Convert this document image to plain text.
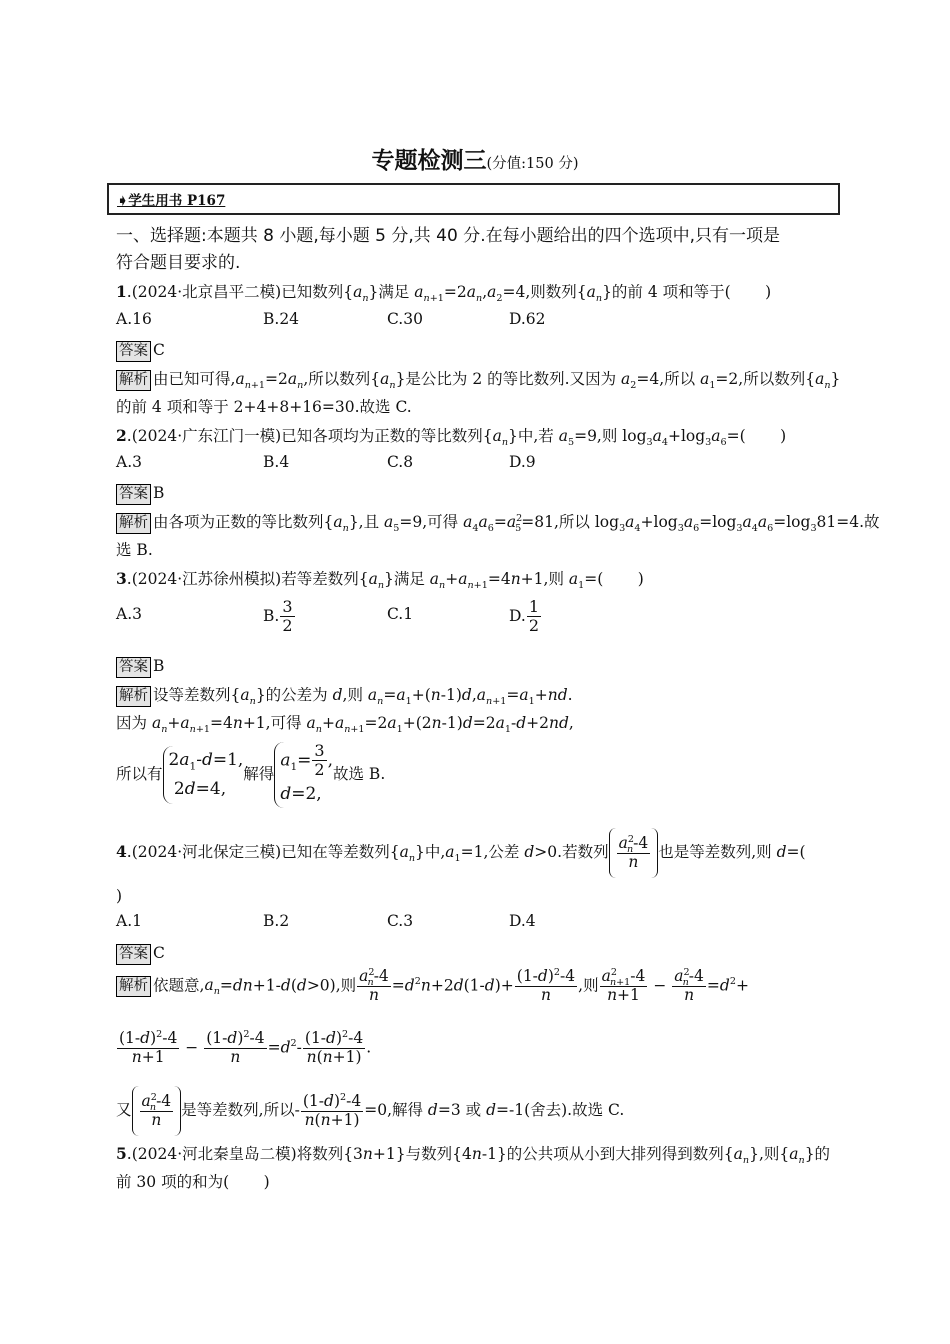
专题检测三(分值:150 分)
➧学生用书 P167
一、选择题:本题共 8 小题,每小题 5 分,共 40 分.在每小题给出的四个选项中,只有一项是
符合题目要求的.
1.(2024·北京昌平二模)已知数列$\{a_n\}$满足 $a_{n+1}=2a_n,a_2=4$,则数列$\{a_n\}$的前 4 项和等于(       )
A.16	B.24	C.30	D.62
答案 C
解析 由已知可得$,a_{n+1}=2a_n$,所以数列$\{a_n\}$是公比为 2 的等比数列.又因为 $a_2=4$,所以 $a_1=2$,所以数列$\{a_n\}$
的前 4 项和等于 2+4+8+16=30.故选 C.
2.(2024·广东江门一模)已知各项均为正数的等比数列$\{a_n\}$中,若 $a_5=9$,则 $\log_3a_4+\log_3a_6=$(       )
A.3	B.4	C.8	D.9
答案 B
解析 由各项为正数的等比数列$\{a_n\}$,且 $a_5=9$,可得 $a_4a_6=a^2_5=81$,所以 $\log_3a_4+\log_3a_6=\log_3a_4a_6=\log_381=4$.故
选 B.
3.(2024·江苏徐州模拟)若等差数列$\{a_n\}$满足 $a_n+a_{n+1}=4n+1$,则 $a_1=$(       )
A.3	B. $\frac{3}{2}$	C.1	D. $\frac{1}{2}$
答案 B
解析 设等差数列$\{a_n\}$的公差为 d,则 $a_n=a_1+(n-1)d,a_{n+1}=a_1+nd$.
因为 $a_n+a_{n+1}=4n+1$,可得 $a_n+a_{n+1}=2a_1+(2n-1)d=2a_1-d+2nd$,
所以有$2a_1-d=1$,
2d=4,解得$a_1= \frac{3}{2}$ ,
d=2,故选 B.
4.(2024·河北保定三模)已知在等差数列$\{a_n\}$中$,a_1=1$,公差 d>0.若数列 $\frac{a^2_n-4}{n}$ 也是等差数列,则 d=(
)
A.1	B.2	C.3	D.4
答案 C
解析 依题意$,a_n=dn+1-d(d>0)$,则 $\frac{a^2_n-4}{n} =d^2n+2d(1-d)+ \frac{(1-d)^2-4}{n}$ ,则 $\frac{a^2_{n+1}-4}{n+1} - \frac{a^2_n-4}{n} =d^2+$
$\frac{(1-d)^2-4}{n+1} - \frac{(1-d)^2-4}{n} =d^2- \frac{(1-d)^2-4}{n(n+1)}$ .
又 $\frac{a^2_n-4}{n}$ 是等差数列,所以- $\frac{(1-d)^2-4}{n(n+1)} =0$,解得 d=3 或 d=-1(舍去).故选 C.
5.(2024·河北秦皇岛二模)将数列{3n+1}与数列{4n-1}的公共项从小到大排列得到数列$\{a_n\}$,则$\{a_n\}$的
前 30 项的和为(       )
